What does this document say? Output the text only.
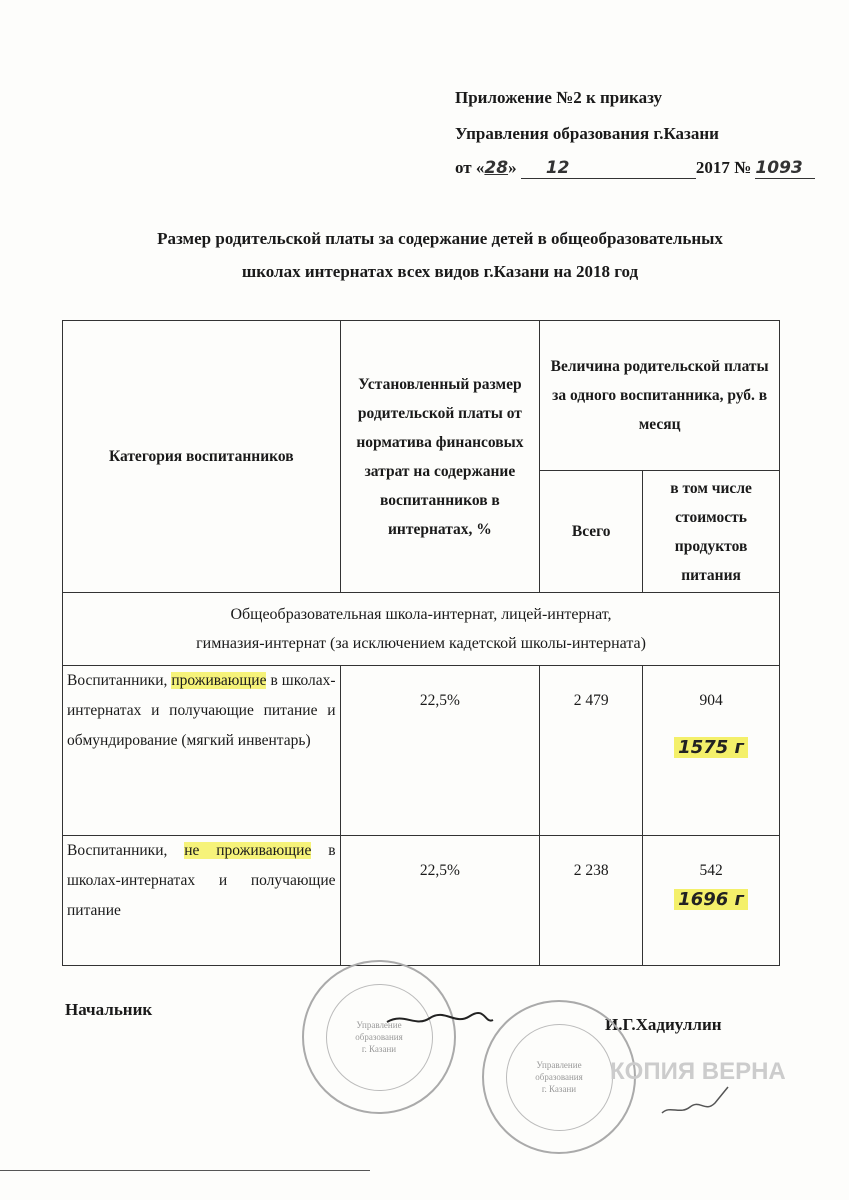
Приложение №2 к приказу
Управления образования г.Казани
от «28» 12	2017 № 1093
Размер родительской платы за содержание детей в общеобразовательных
школах интернатах всех видов г.Казани на 2018 год
Категория воспитанников	Установленный размер родительской платы от норматива финансовых затрат на содержание воспитанников в интернатах, %	Величина родительской платы за одного воспитанника, руб. в месяц	
		Всего	в том числе стоимость продуктов питания

Общеобразовательная школа-интернат, лицей-интернат,
гимназия-интернат (за исключением кадетской школы-интерната)			

Воспитанники, проживающие в школах-интернатах и получающие питание и обмундирование (мягкий инвентарь)	22,5%	2 479	904
1575 г

Воспитанники, не проживающие в школах-интернатах и получающие питание	22,5%	2 238	542
1696 г
Начальник
И.Г.Хадиуллин
Управление
образования
г. Казани
Управление
образования
г. Казани
КОПИЯ ВЕРНА
